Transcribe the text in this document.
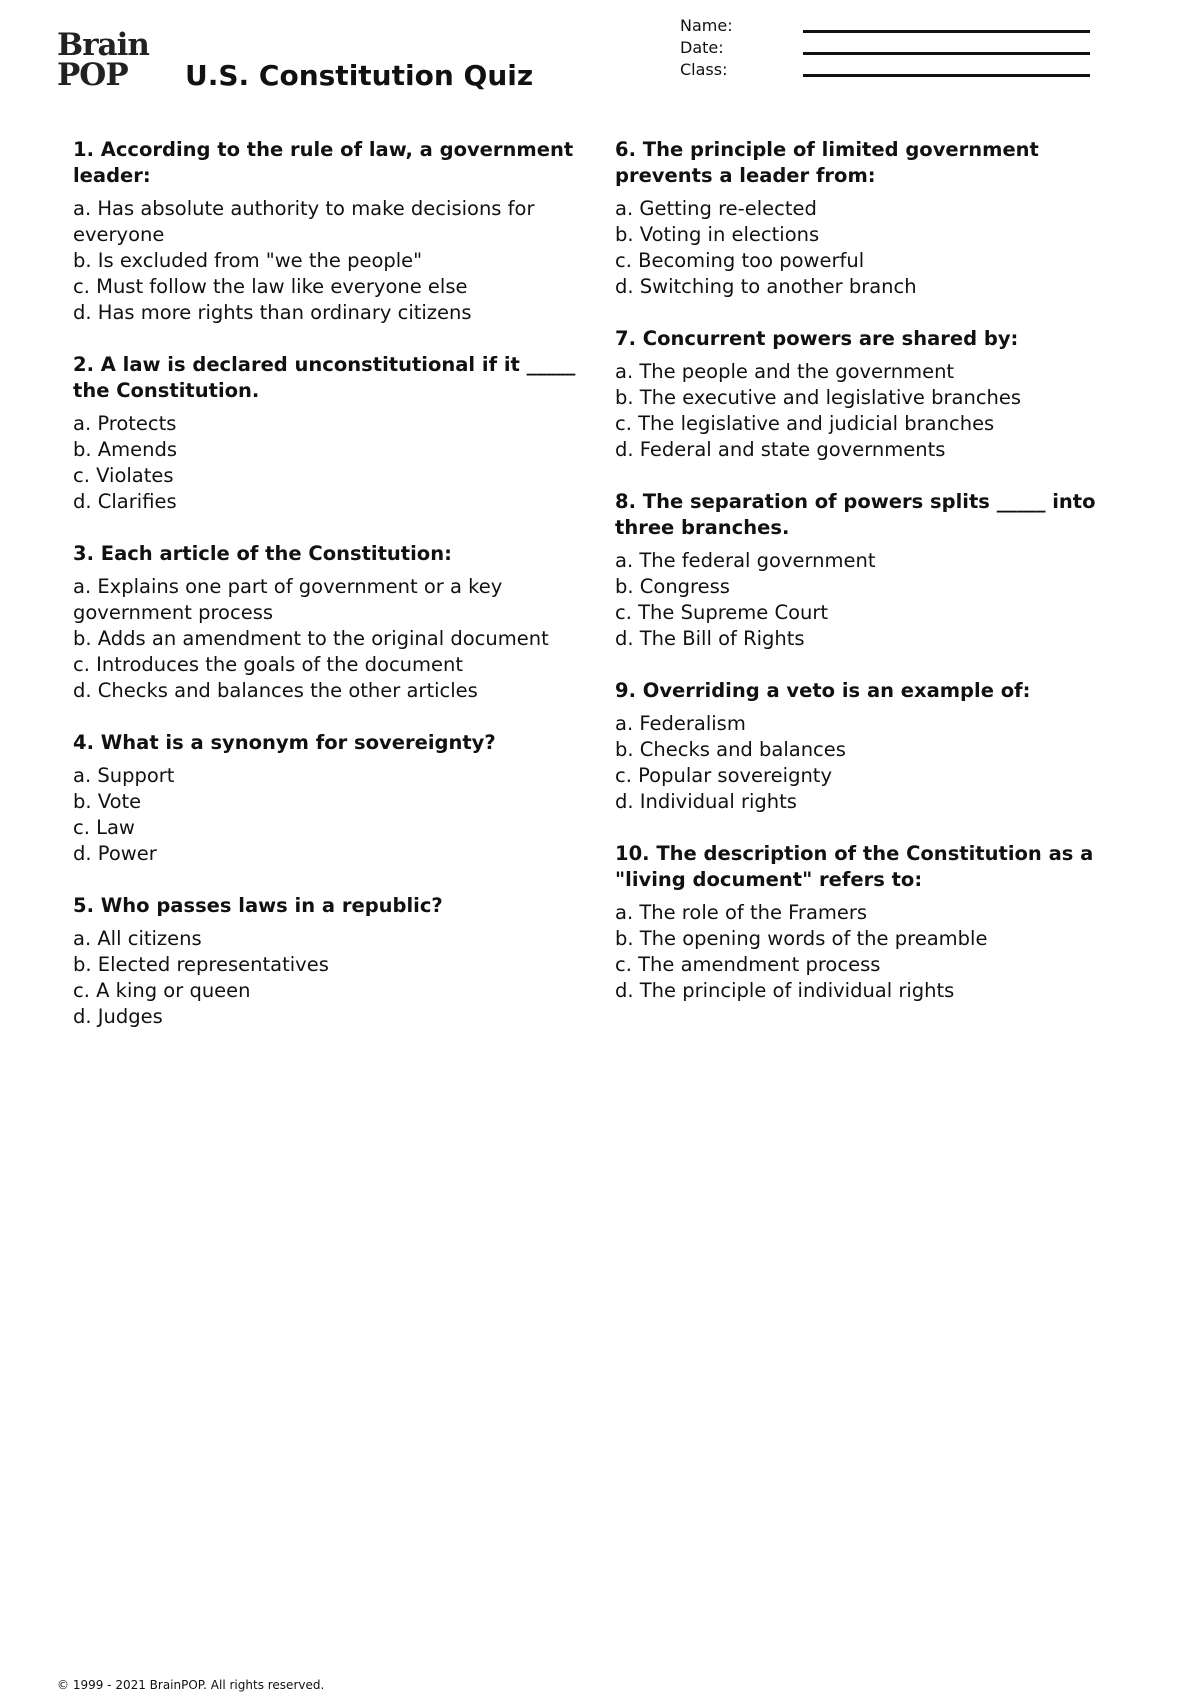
Brain
POP	U.S. Constitution Quiz
Name:
Date:
Class:

1. According to the rule of law, a government leader:

a. Has absolute authority to make decisions for everyone

b. Is excluded from "we the people"

c. Must follow the law like everyone else

d. Has more rights than ordinary citizens

2. A law is declared unconstitutional if it _____ the Constitution.

a. Protects

b. Amends

c. Violates

d. Clarifies

3. Each article of the Constitution:

a. Explains one part of government or a key government process

b. Adds an amendment to the original document

c. Introduces the goals of the document

d. Checks and balances the other articles

4. What is a synonym for sovereignty?

a. Support

b. Vote

c. Law

d. Power

5. Who passes laws in a republic?

a. All citizens

b. Elected representatives

c. A king or queen

d. Judges

6. The principle of limited government prevents a leader from:

a. Getting re-elected

b. Voting in elections

c. Becoming too powerful

d. Switching to another branch

7. Concurrent powers are shared by:

a. The people and the government

b. The executive and legislative branches

c. The legislative and judicial branches

d. Federal and state governments

8. The separation of powers splits _____ into three branches.

a. The federal government

b. Congress

c. The Supreme Court

d. The Bill of Rights

9. Overriding a veto is an example of:

a. Federalism

b. Checks and balances

c. Popular sovereignty

d. Individual rights

10. The description of the Constitution as a "living document" refers to:

a. The role of the Framers

b. The opening words of the preamble

c. The amendment process

d. The principle of individual rights

© 1999 - 2021 BrainPOP. All rights reserved.
